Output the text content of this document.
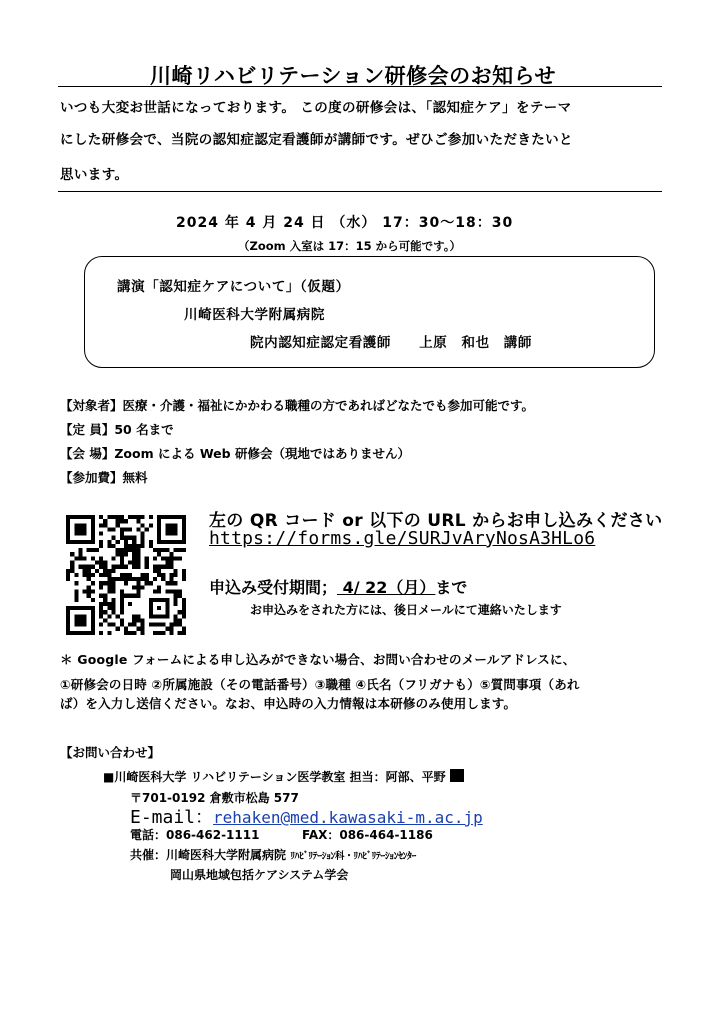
川崎リハビリテーション研修会のお知らせ
いつも大変お世話になっております。 この度の研修会は、「認知症ケア」をテーマ
にした研修会で、当院の認知症認定看護師が講師です。ぜひご参加いただきたいと
思います。
2024 年 4 月 24 日 （水） 17：30～18：30
（Zoom 入室は 17：15 から可能です。）
講演「認知症ケアについて」（仮題）
川崎医科大学附属病院
院内認知症認定看護師　　上原　和也　講師
【対象者】医療・介護・福祉にかかわる職種の方であればどなたでも参加可能です。
【定 員】50 名まで
【会 場】Zoom による Web 研修会（現地ではありません）
【参加費】無料
左の QR コード or 以下の URL からお申し込みください
https://forms.gle/SURJvAryNosA3HLo6
申込み受付期間； 4/ 22（月）まで
お申込みをされた方には、後日メールにて連絡いたします
＊ Google フォームによる申し込みができない場合、お問い合わせのメールアドレスに、
①研修会の日時 ②所属施設（その電話番号）③職種 ④氏名（フリガナも）⑤質問事項（あれ
ば）を入力し送信ください。なお、申込時の入力情報は本研修のみ使用します。
【お問い合わせ】
■川崎医科大学 リハビリテーション医学教室 担当：阿部、平野
〒701-0192 倉敷市松島 577
E-mail：rehaken@med.kawasaki-m.ac.jp
電話：086-462-1111	FAX：086-464-1186
共催：川崎医科大学附属病院 ﾘﾊﾋﾞﾘﾃｰｼｮﾝ科・ﾘﾊﾋﾞﾘﾃｰｼｮﾝｾﾝﾀｰ
岡山県地域包括ケアシステム学会
